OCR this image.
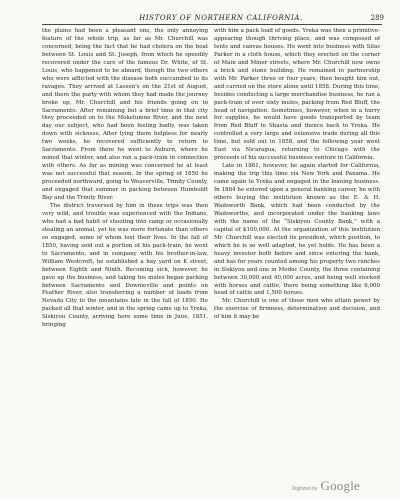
HISTORY OF NORTHERN CALIFORNIA.	289

the plains had been a pleasant one, the only annoying feature of the whole trip, as far as Mr. Churchill was concerned, being the fact that he had cholera on the boat between St. Louis and St. Joseph, from which he speedily recovered under the care of the famous Dr. White, of St. Louis, who happened to be aboard, though the two others who were afflicted with the disease both succumbed to its ravages. They arrived at Lassen's on the 21st of August, and there the party with whom they had made the journey broke up, Mr. Churchill and his friends going on to Sacramento. After remaining but a brief time in that city they proceeded on to the Mokelumne River, and the next day our subject, who had been feeling badly, was taken down with sickness. After lying there helpless for nearly two weeks, he recovered sufficiently to return to Sacramento. From there he went to Auburn, where he mined that winter, and also ran a pack-train in connection with others. As far as mining was concerned he at least was not successful that season. In the spring of 1850 he proceeded northward, going to Weaverville, Trinity County, and engaged that summer in packing between Humboldt Bay and the Trinity River.

The district traversed by him in these trips was then very wild, and trouble was experienced with the Indians, who had a bad habit of shooting into camp or occasionally stealing an animal, yet he was more fortunate than others so engaged, some of whom lost their lives. In the fall of 1850, having sold out a portion of his pack-train, he went to Sacramento, and in company with his brother-in-law, William Westcroft, he established a hay yard on K street, between Eighth and Ninth. Becoming sick, however, he gave up the business, and taking his mules began packing between Sacramento and Downieville and points on Feather River, also transferring a number of loads from Nevada City to the mountains late in the fall of 1850. He packed all that winter, and in the spring came up to Yreka, Siskiyou County, arriving here some time in June, 1851, bringing

with him a pack load of goods. Yreka was then a primitive-appearing though thriving place, and was composed of tents and canvas houses. He went into business with Silas Parker in a cloth house, which they erected on the corner of Main and Miner streets, where Mr. Churchill now owns a brick and stone building. He remained in partnership with Mr. Parker three or four years, then bought him out, and carried on the store alone until 1858. During this time, besides conducting a large merchandise business, he ran a pack-train of over sixty mules, packing from Red Bluff, the head of navigation. Sometimes, however, when in a hurry for supplies, he would have goods transported by team from Red Bluff to Shasta and thence back to Yreka. He controlled a very large and extensive trade during all this time, but sold out in 1858, and the following year went East via Nicaragua, returning to Chicago with the proceeds of his successful business venture in California.

Late in 1861, however, he again started for California, making the trip this time via New York and Panama. He came again to Yreka and engaged in the loaning business. In 1884 he entered upon a general banking career, he with others buying the institution known as the E. & H. Wadsworth Bank, which had been conducted by the Wadsworths, and incorporated under the banking laws with the name of the “Siskiyou County Bank,” with a capital of $100,000. At the organization of this institution Mr. Churchill was elected its president, which position, to which he is so well adapted, he yet holds. He has been a heavy investor both before and since entering the bank, and has for years counted among his property two ranches in Siskiyou and one in Modoc County, the three containing between 30,000 and 40,000 acres, and being well stocked with horses and cattle, there being something like 6,000 head of cattle and 1,500 horses.

Mr. Churchill is one of those men who attain power by the exercise of firmness, determination and decision, and of him it may be

Digitized by Google
